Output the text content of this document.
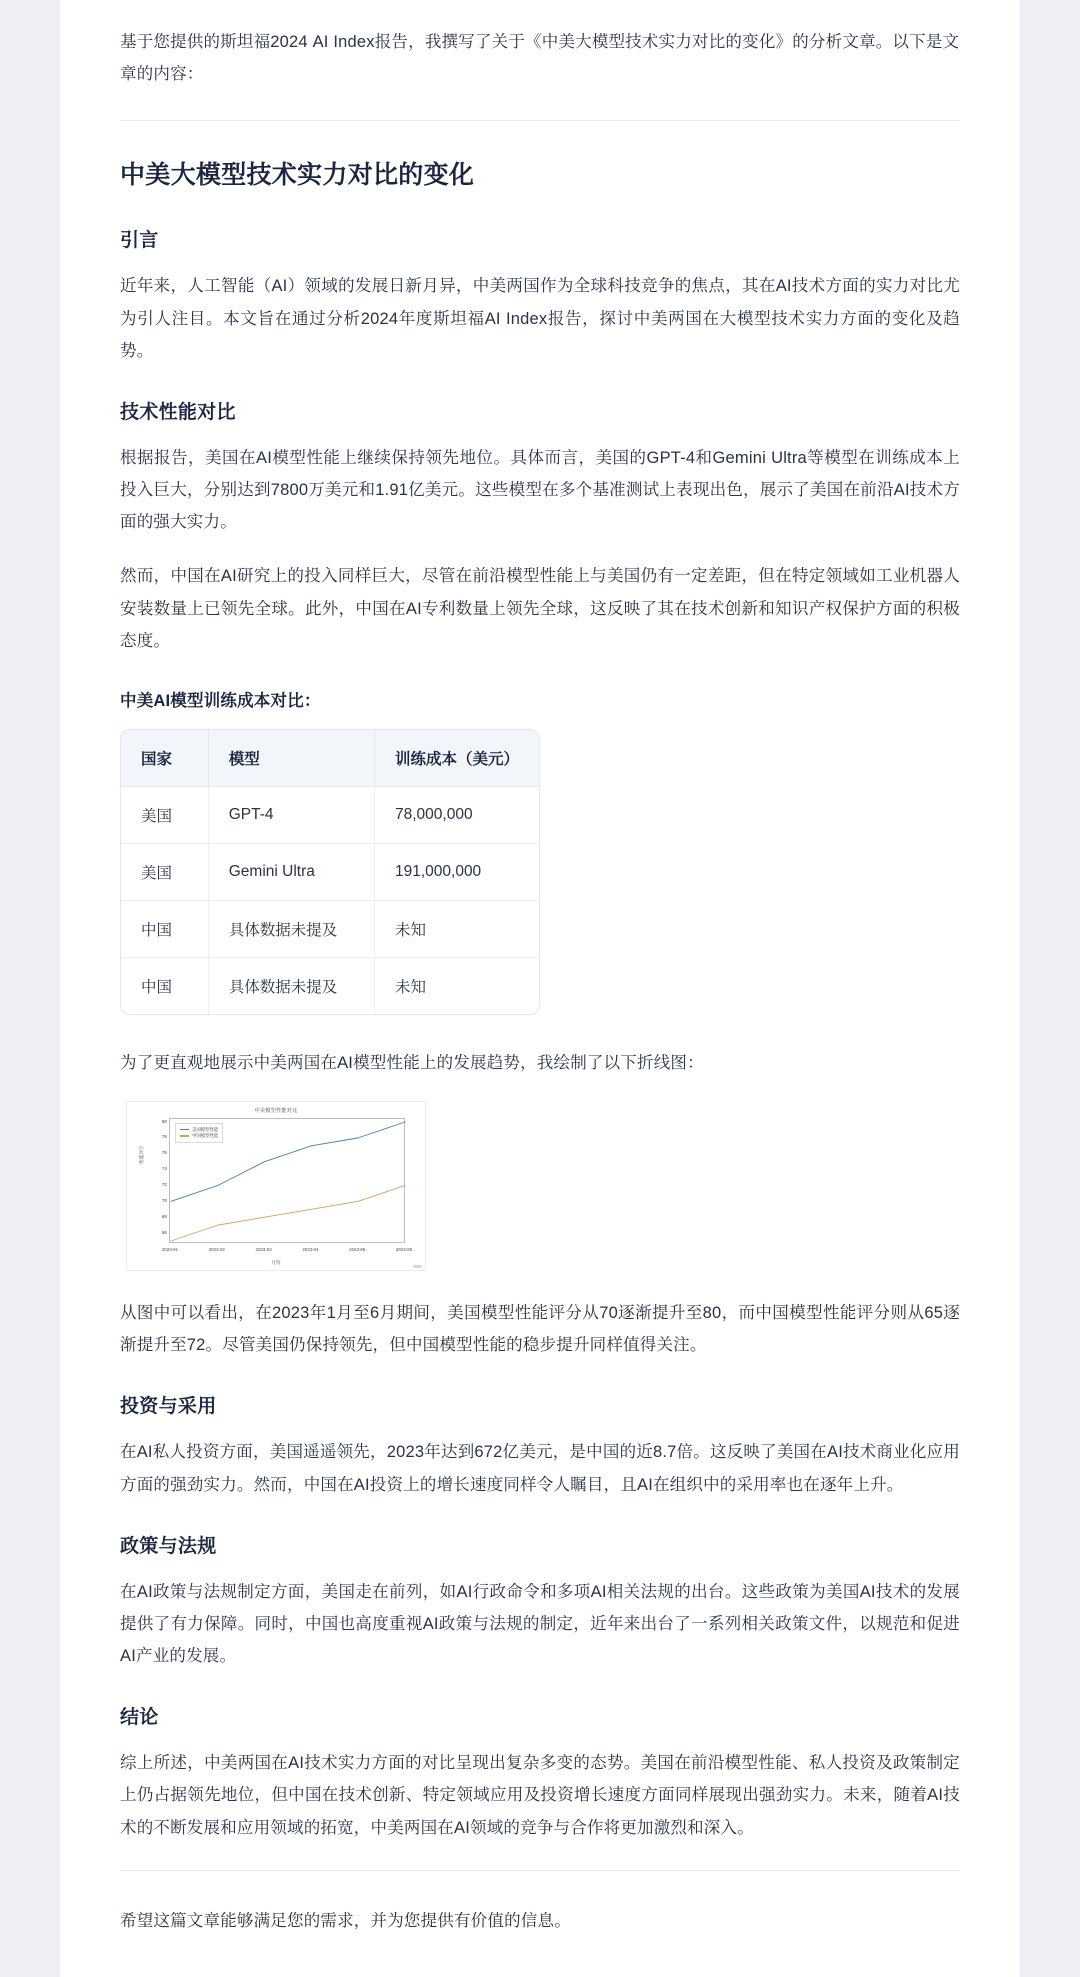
基于您提供的斯坦福2024 AI Index报告，我撰写了关于《中美大模型技术实力对比的变化》的分析文章。以下是文章的内容：

中美大模型技术实力对比的变化
引言

近年来，人工智能（AI）领域的发展日新月异，中美两国作为全球科技竞争的焦点，其在AI技术方面的实力对比尤为引人注目。本文旨在通过分析2024年度斯坦福AI Index报告，探讨中美两国在大模型技术实力方面的变化及趋势。

技术性能对比

根据报告，美国在AI模型性能上继续保持领先地位。具体而言，美国的GPT-4和Gemini Ultra等模型在训练成本上投入巨大，分别达到7800万美元和1.91亿美元。这些模型在多个基准测试上表现出色，展示了美国在前沿AI技术方面的强大实力。

然而，中国在AI研究上的投入同样巨大，尽管在前沿模型性能上与美国仍有一定差距，但在特定领域如工业机器人安装数量上已领先全球。此外，中国在AI专利数量上领先全球，这反映了其在技术创新和知识产权保护方面的积极态度。

中美AI模型训练成本对比：

国家	模型	训练成本（美元）
美国	GPT-4	78,000,000
美国	Gemini Ultra	191,000,000
中国	具体数据未提及	未知
中国	具体数据未提及	未知

为了更直观地展示中美两国在AI模型性能上的发展趋势，我绘制了以下折线图：

中美模型性能对比
性能评分
66
68
70
72
74
76
78
80
2023-01	2023-02	2023-03	2023-04	2023-05	2023-06
月份
美国模型性能
中国模型性能

从图中可以看出，在2023年1月至6月期间，美国模型性能评分从70逐渐提升至80，而中国模型性能评分则从65逐渐提升至72。尽管美国仍保持领先，但中国模型性能的稳步提升同样值得关注。

投资与采用

在AI私人投资方面，美国遥遥领先，2023年达到672亿美元，是中国的近8.7倍。这反映了美国在AI技术商业化应用方面的强劲实力。然而，中国在AI投资上的增长速度同样令人瞩目，且AI在组织中的采用率也在逐年上升。

政策与法规

在AI政策与法规制定方面，美国走在前列，如AI行政命令和多项AI相关法规的出台。这些政策为美国AI技术的发展提供了有力保障。同时，中国也高度重视AI政策与法规的制定，近年来出台了一系列相关政策文件，以规范和促进AI产业的发展。

结论

综上所述，中美两国在AI技术实力方面的对比呈现出复杂多变的态势。美国在前沿模型性能、私人投资及政策制定上仍占据领先地位，但中国在技术创新、特定领域应用及投资增长速度方面同样展现出强劲实力。未来，随着AI技术的不断发展和应用领域的拓宽，中美两国在AI领域的竞争与合作将更加激烈和深入。

希望这篇文章能够满足您的需求，并为您提供有价值的信息。
